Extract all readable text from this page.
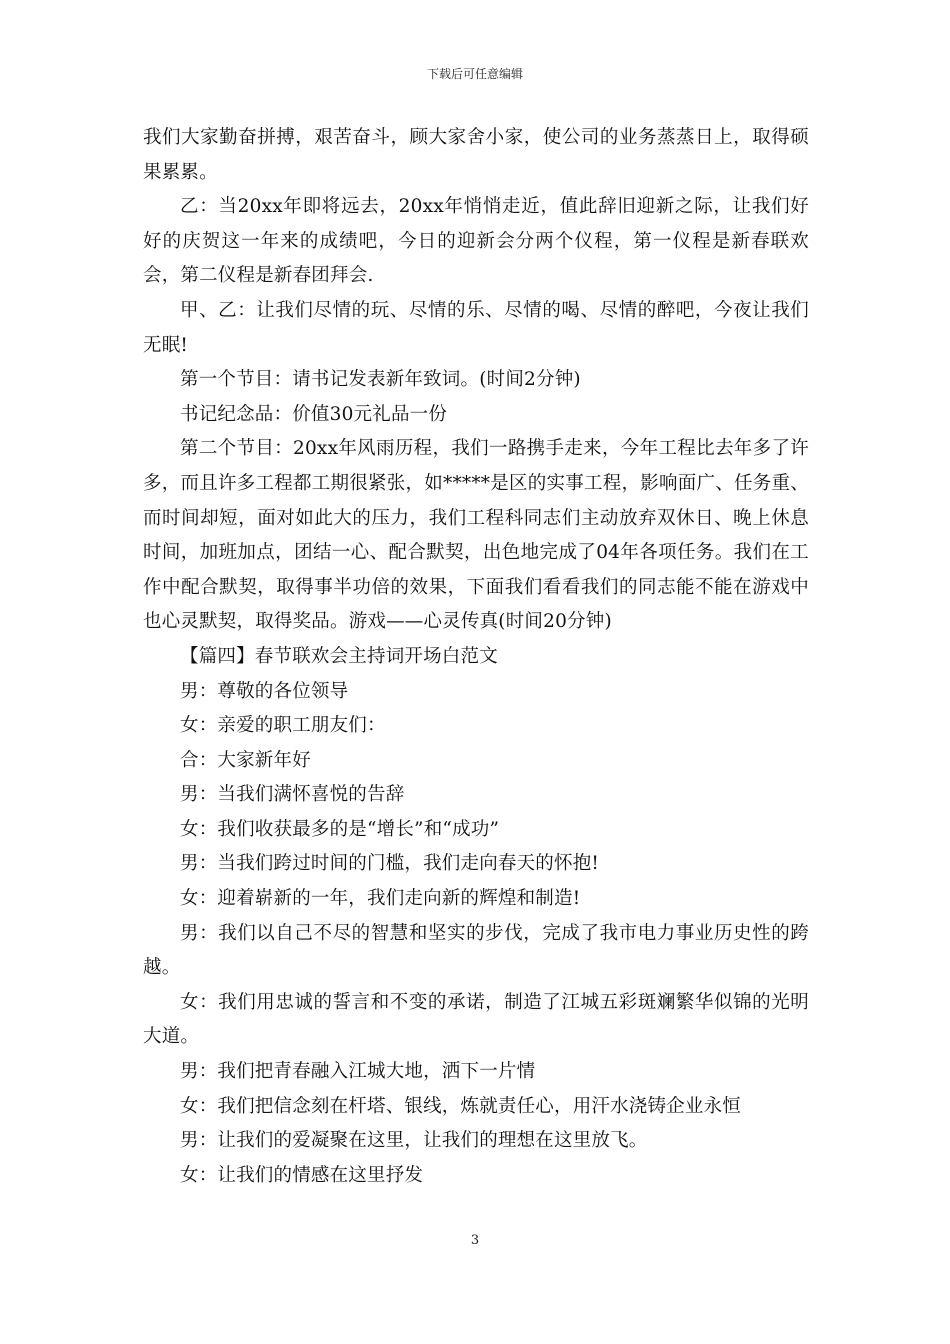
下载后可任意编辑

我们大家勤奋拼搏，艰苦奋斗，顾大家舍小家，使公司的业务蒸蒸日上，取得硕果累累。

乙：当20xx年即将远去，20xx年悄悄走近，值此辞旧迎新之际，让我们好好的庆贺这一年来的成绩吧，今日的迎新会分两个仪程，第一仪程是新春联欢会，第二仪程是新春团拜会.

甲、乙：让我们尽情的玩、尽情的乐、尽情的喝、尽情的醉吧，今夜让我们无眠!

第一个节目：请书记发表新年致词。(时间2分钟)

书记纪念品：价值30元礼品一份

第二个节目：20xx年风雨历程，我们一路携手走来，今年工程比去年多了许多，而且许多工程都工期很紧张，如*****是区的实事工程，影响面广、任务重、而时间却短，面对如此大的压力，我们工程科同志们主动放弃双休日、晚上休息时间，加班加点，团结一心、配合默契，出色地完成了04年各项任务。我们在工作中配合默契，取得事半功倍的效果，下面我们看看我们的同志能不能在游戏中也心灵默契，取得奖品。游戏——心灵传真(时间20分钟)

【篇四】春节联欢会主持词开场白范文

男：尊敬的各位领导

女：亲爱的职工朋友们：

合：大家新年好

男：当我们满怀喜悦的告辞

女：我们收获最多的是“增长”和“成功”

男：当我们跨过时间的门槛，我们走向春天的怀抱!

女：迎着崭新的一年，我们走向新的辉煌和制造!

男：我们以自己不尽的智慧和坚实的步伐，完成了我市电力事业历史性的跨越。

女：我们用忠诚的誓言和不变的承诺，制造了江城五彩斑斓繁华似锦的光明大道。

男：我们把青春融入江城大地，洒下一片情

女：我们把信念刻在杆塔、银线，炼就责任心，用汗水浇铸企业永恒

男：让我们的爱凝聚在这里，让我们的理想在这里放飞。

女：让我们的情感在这里抒发

3
